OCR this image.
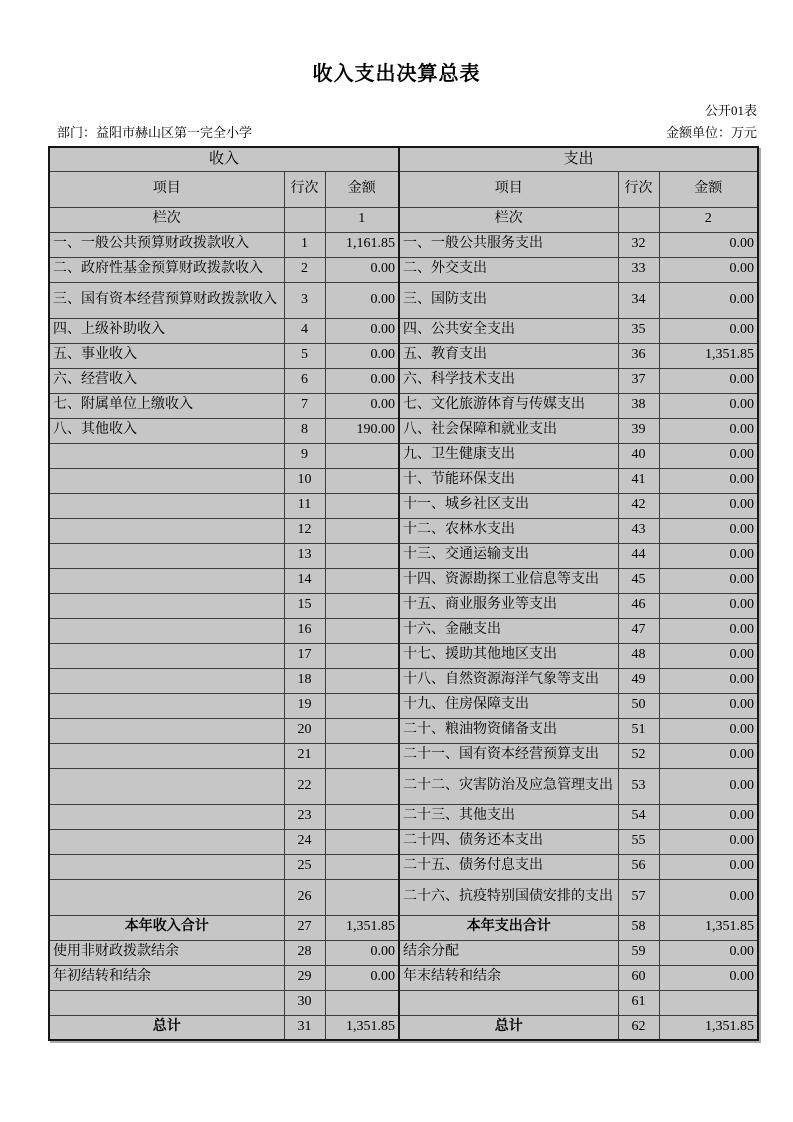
收入支出决算总表
公开01表
部门：益阳市赫山区第一完全小学	金额单位：万元
收入			支出		
项目	行次	金额	项目	行次	金额
栏次		1	栏次		2
一、一般公共预算财政拨款收入	1	1,161.85	一、一般公共服务支出	32	0.00
二、政府性基金预算财政拨款收入	2	0.00	二、外交支出	33	0.00
三、国有资本经营预算财政拨款收入	3	0.00	三、国防支出	34	0.00
四、上级补助收入	4	0.00	四、公共安全支出	35	0.00
五、事业收入	5	0.00	五、教育支出	36	1,351.85
六、经营收入	6	0.00	六、科学技术支出	37	0.00
七、附属单位上缴收入	7	0.00	七、文化旅游体育与传媒支出	38	0.00
八、其他收入	8	190.00	八、社会保障和就业支出	39	0.00
	9		九、卫生健康支出	40	0.00
	10		十、节能环保支出	41	0.00
	11		十一、城乡社区支出	42	0.00
	12		十二、农林水支出	43	0.00
	13		十三、交通运输支出	44	0.00
	14		十四、资源勘探工业信息等支出	45	0.00
	15		十五、商业服务业等支出	46	0.00
	16		十六、金融支出	47	0.00
	17		十七、援助其他地区支出	48	0.00
	18		十八、自然资源海洋气象等支出	49	0.00
	19		十九、住房保障支出	50	0.00
	20		二十、粮油物资储备支出	51	0.00
	21		二十一、国有资本经营预算支出	52	0.00
	22		二十二、灾害防治及应急管理支出	53	0.00
	23		二十三、其他支出	54	0.00
	24		二十四、债务还本支出	55	0.00
	25		二十五、债务付息支出	56	0.00
	26		二十六、抗疫特别国债安排的支出	57	0.00
本年收入合计	27	1,351.85	本年支出合计	58	1,351.85
使用非财政拨款结余	28	0.00	结余分配	59	0.00
年初结转和结余	29	0.00	年末结转和结余	60	0.00
	30			61	
总计	31	1,351.85	总计	62	1,351.85
